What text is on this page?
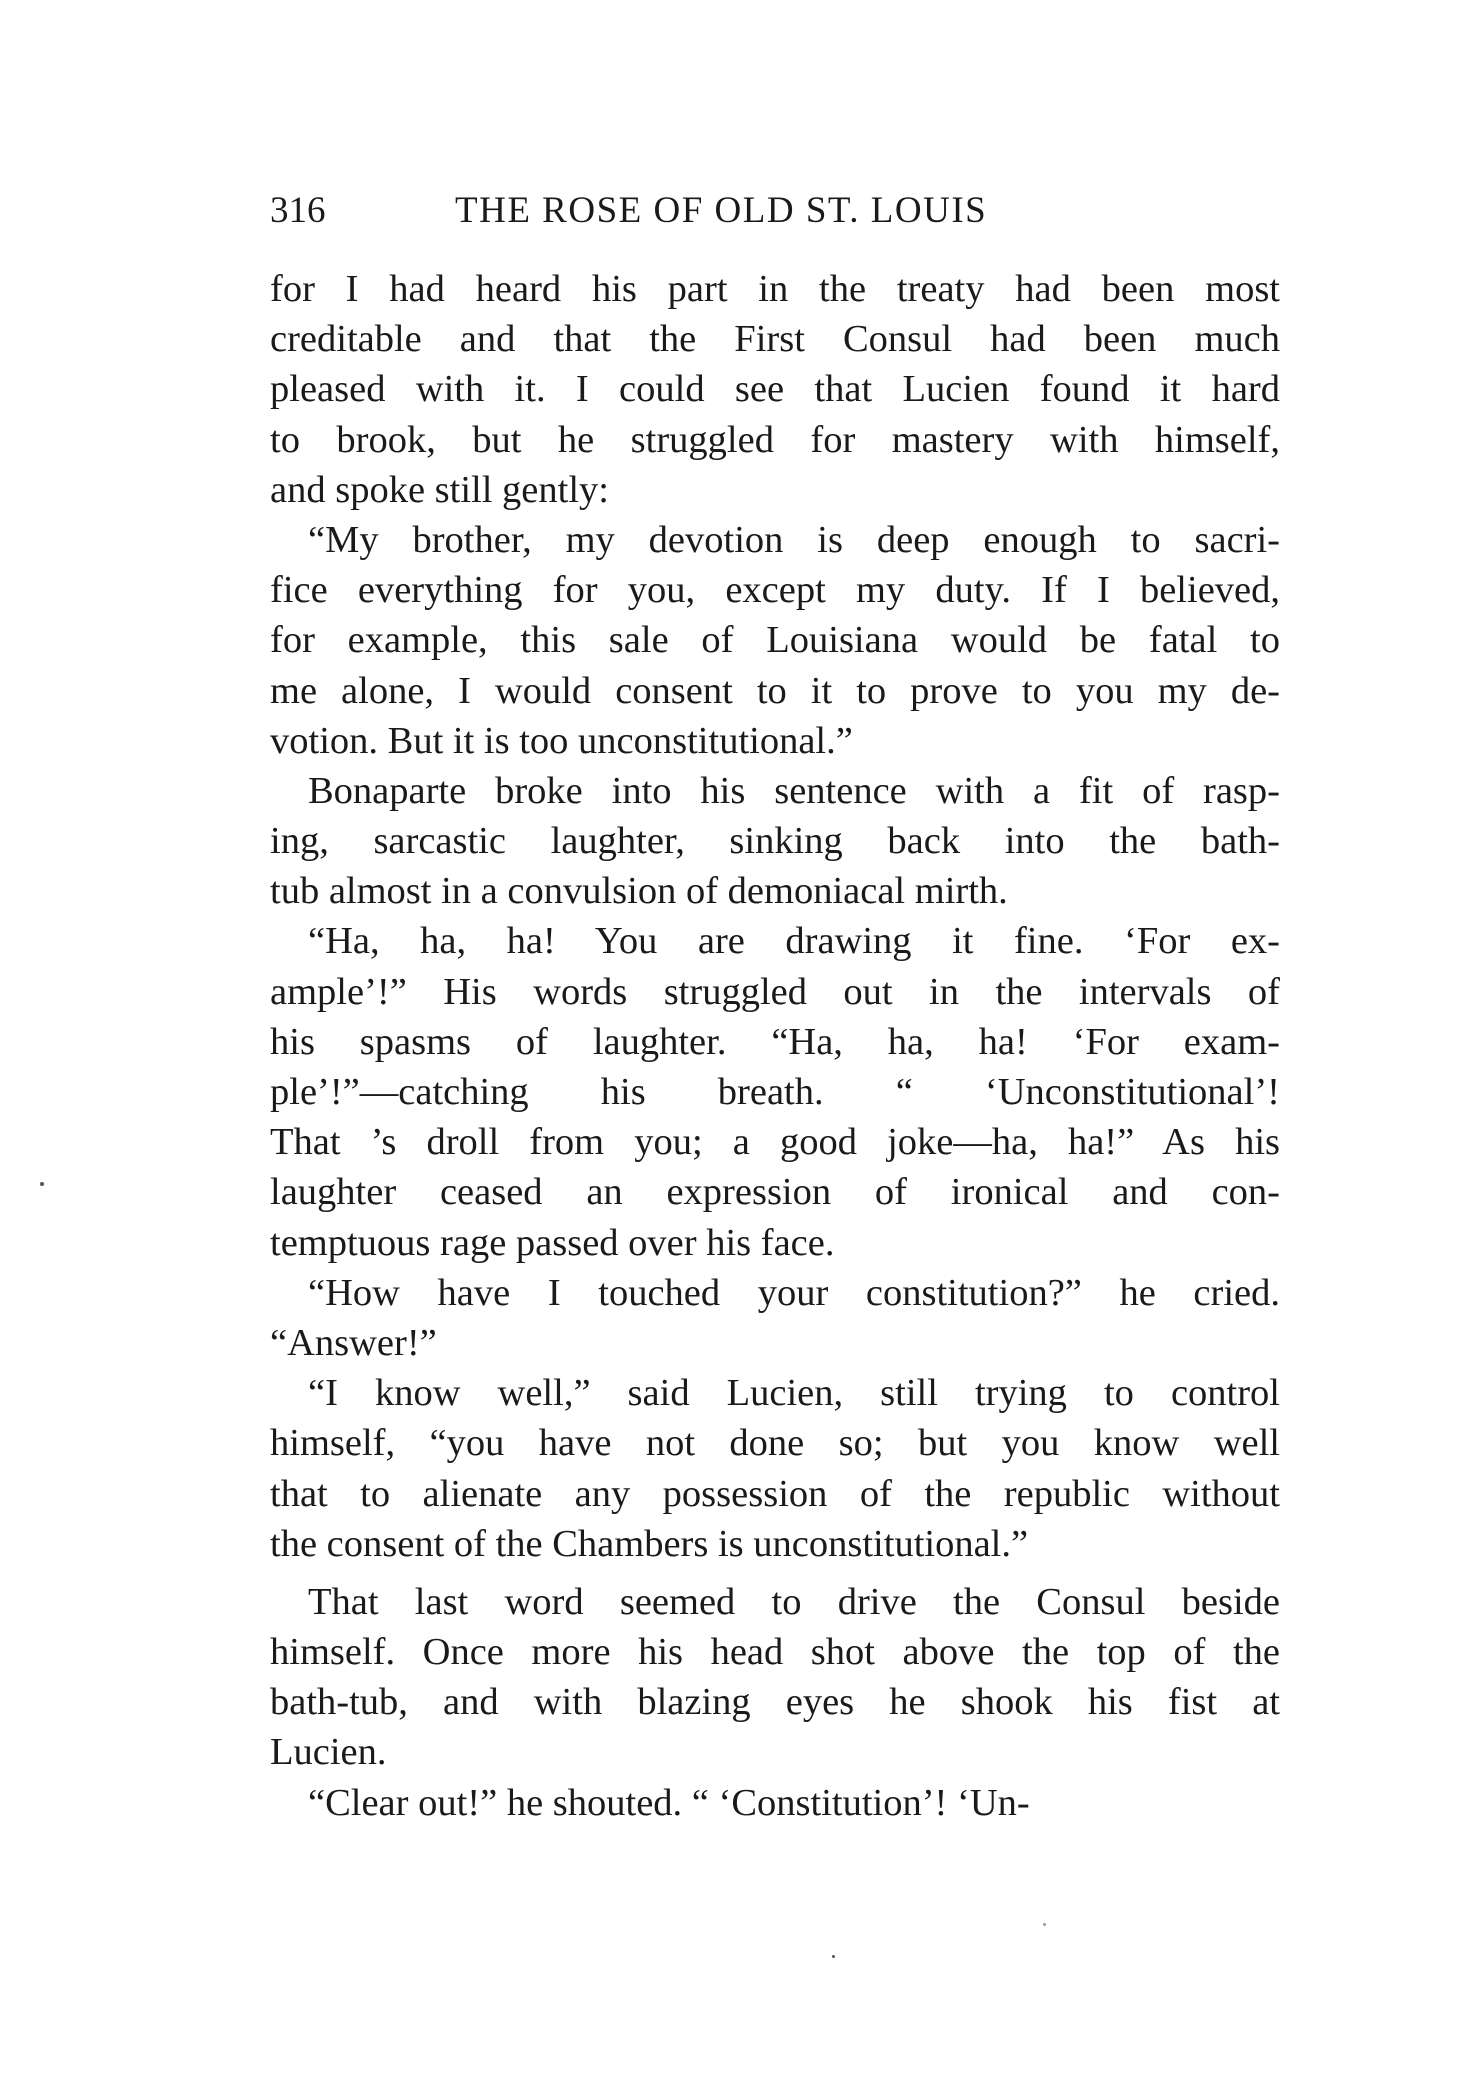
316	THE ROSE OF OLD ST. LOUIS
for I had heard his part in the treaty had been most
creditable and that the First Consul had been much
pleased with it. I could see that Lucien found it hard
to brook, but he struggled for mastery with himself,
and spoke still gently:
“My brother, my devotion is deep enough to sacri-
fice everything for you, except my duty. If I believed,
for example, this sale of Louisiana would be fatal to
me alone, I would consent to it to prove to you my de-
votion. But it is too unconstitutional.”
Bonaparte broke into his sentence with a fit of rasp-
ing, sarcastic laughter, sinking back into the bath-
tub almost in a convulsion of demoniacal mirth.
“Ha, ha, ha! You are drawing it fine. ‘For ex-
ample’!” His words struggled out in the intervals of
his spasms of laughter. “Ha, ha, ha! ‘For exam-
ple’!”—catching his breath. “ ‘Unconstitutional’!
That ’s droll from you; a good joke—ha, ha!” As his
laughter ceased an expression of ironical and con-
temptuous rage passed over his face.
“How have I touched your constitution?” he cried.
“Answer!”
“I know well,” said Lucien, still trying to control
himself, “you have not done so; but you know well
that to alienate any possession of the republic without
the consent of the Chambers is unconstitutional.”
That last word seemed to drive the Consul beside
himself. Once more his head shot above the top of the
bath-tub, and with blazing eyes he shook his fist at
Lucien.
“Clear out!” he shouted. “ ‘Constitution’! ‘Un-
